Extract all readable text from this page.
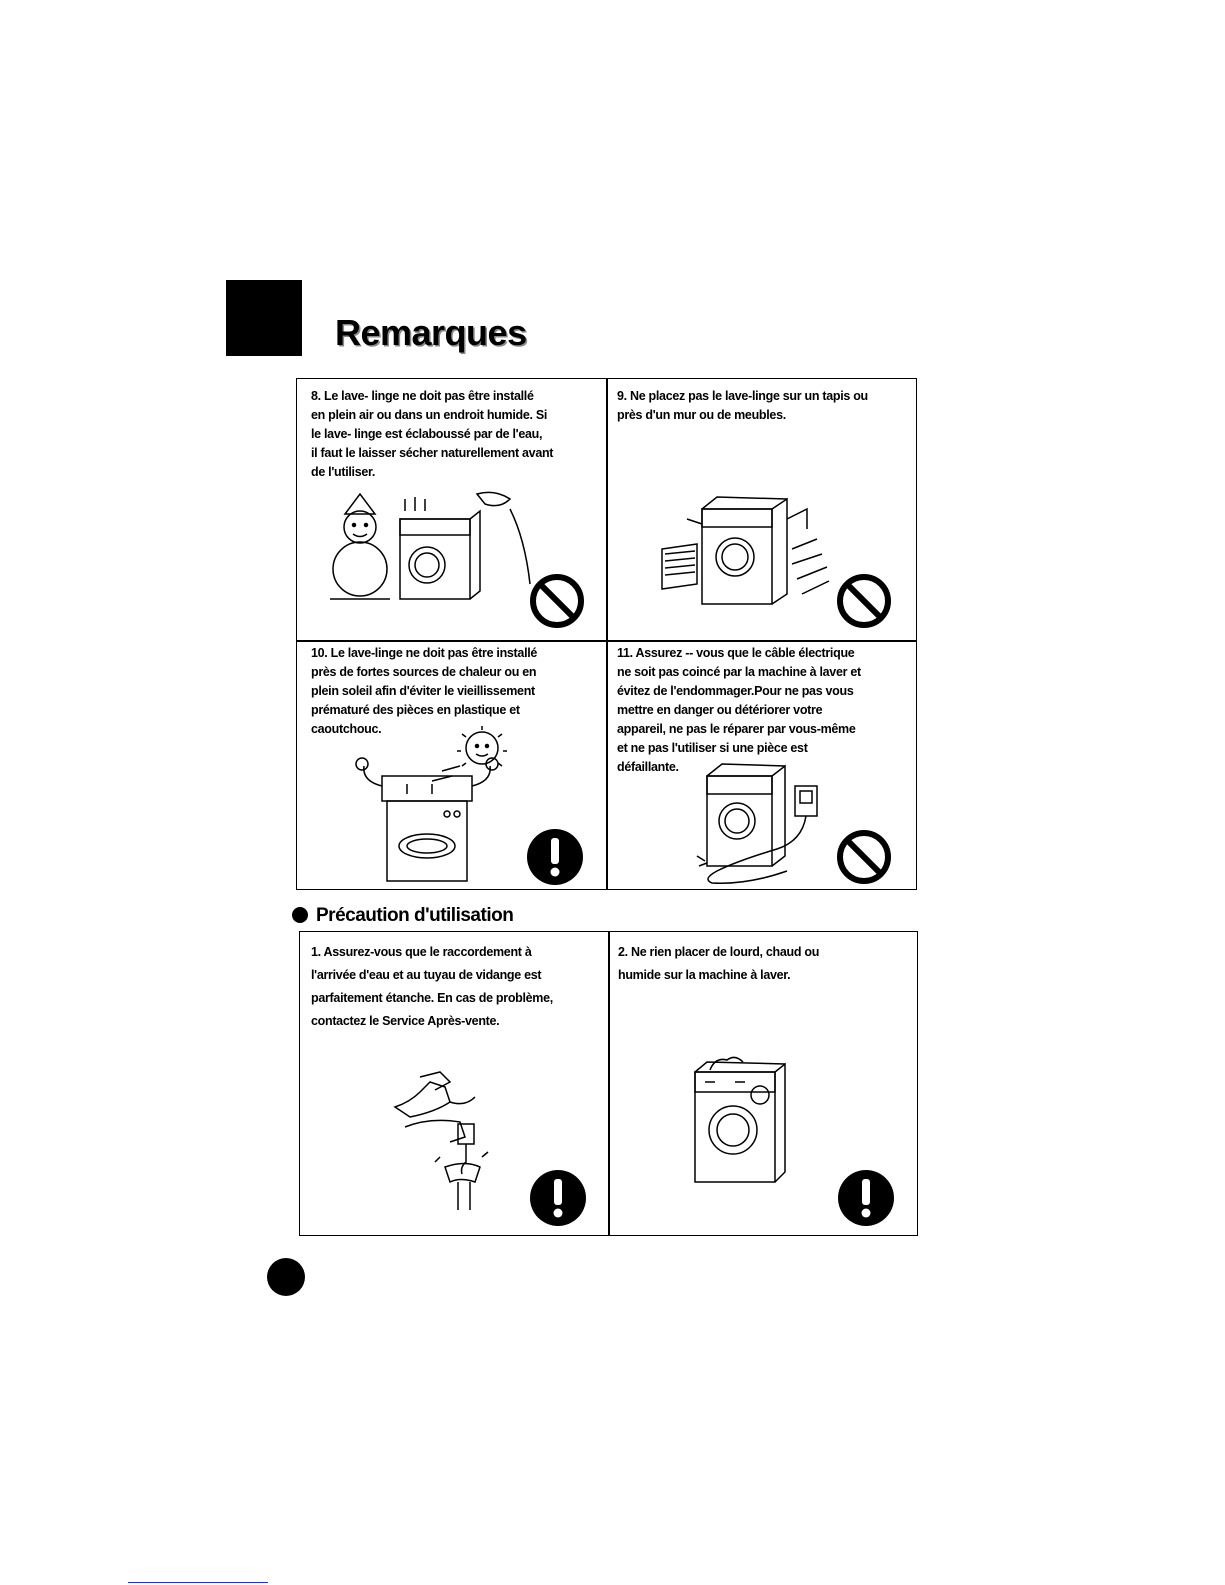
Remarques
8. Le lave- linge ne doit pas être installé
en plein air ou dans un endroit humide. Si
le lave- linge est éclaboussé par de l'eau,
il faut le laisser sécher naturellement avant
de l'utiliser.
9. Ne placez pas le lave-linge sur un tapis ou
près d'un mur ou de meubles.
10. Le lave-linge ne doit pas être installé
près de fortes sources de chaleur ou en
plein soleil afin d'éviter le vieillissement
prématuré des pièces en plastique et
caoutchouc.
11. Assurez -- vous que le câble électrique
ne soit pas coincé par la machine à laver et
évitez de l'endommager.Pour ne pas vous
mettre en danger ou détériorer votre
appareil, ne pas le réparer par vous-même
et ne pas l'utiliser si une pièce est
défaillante.
Précaution d'utilisation
1. Assurez-vous que le raccordement à
l'arrivée d'eau et au tuyau de vidange est
parfaitement étanche. En cas de problème,
contactez le Service Après-vente.
2. Ne rien placer de lourd, chaud ou
humide sur la machine à laver.
